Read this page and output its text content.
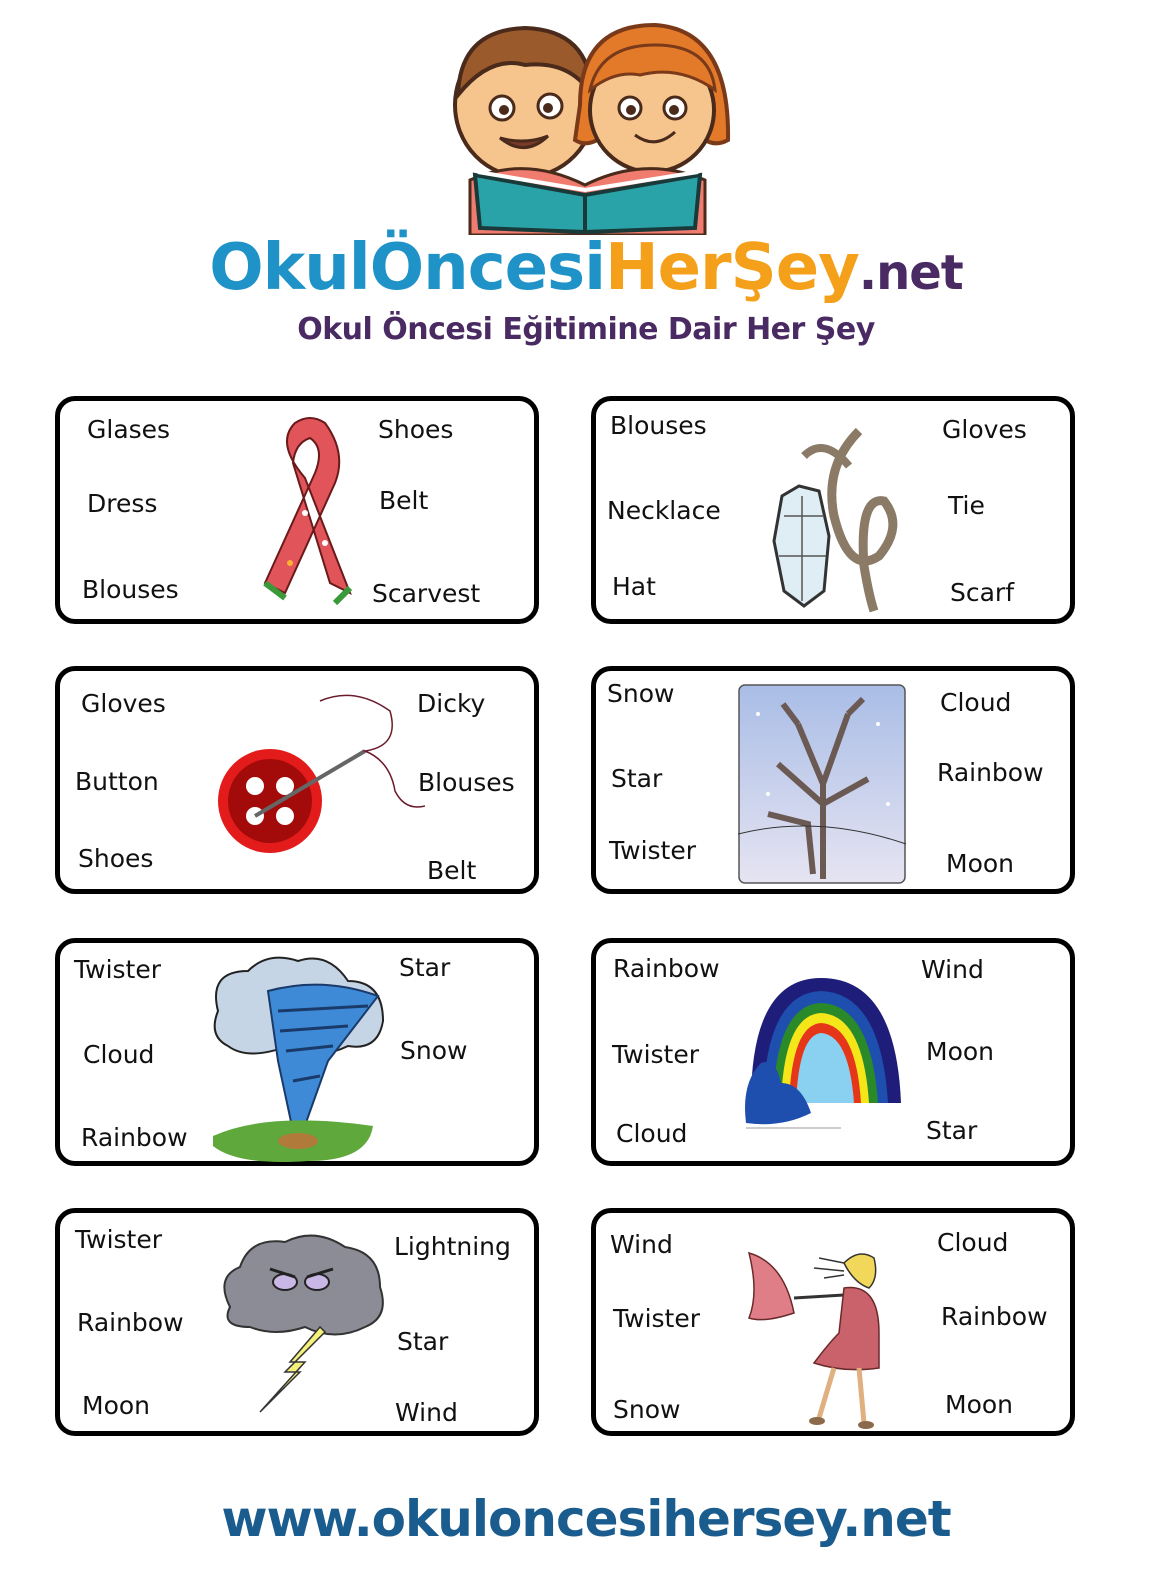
OkulÖncesiHerŞey.net
Okul Öncesi Eğitimine Dair Her Şey
Glases
Dress
Blouses
Shoes
Belt
Scarvest
Blouses
Necklace
Hat
Gloves
Tie
Scarf
Gloves
Button
Shoes
Dicky
Blouses
Belt
Snow
Star
Twister
Cloud
Rainbow
Moon
Twister
Cloud
Rainbow
Star
Snow
Rainbow
Twister
Cloud
Wind
Moon
Star
Twister
Rainbow
Moon
Lightning
Star
Wind
Wind
Twister
Snow
Cloud
Rainbow
Moon
www.okuloncesihersey.net
